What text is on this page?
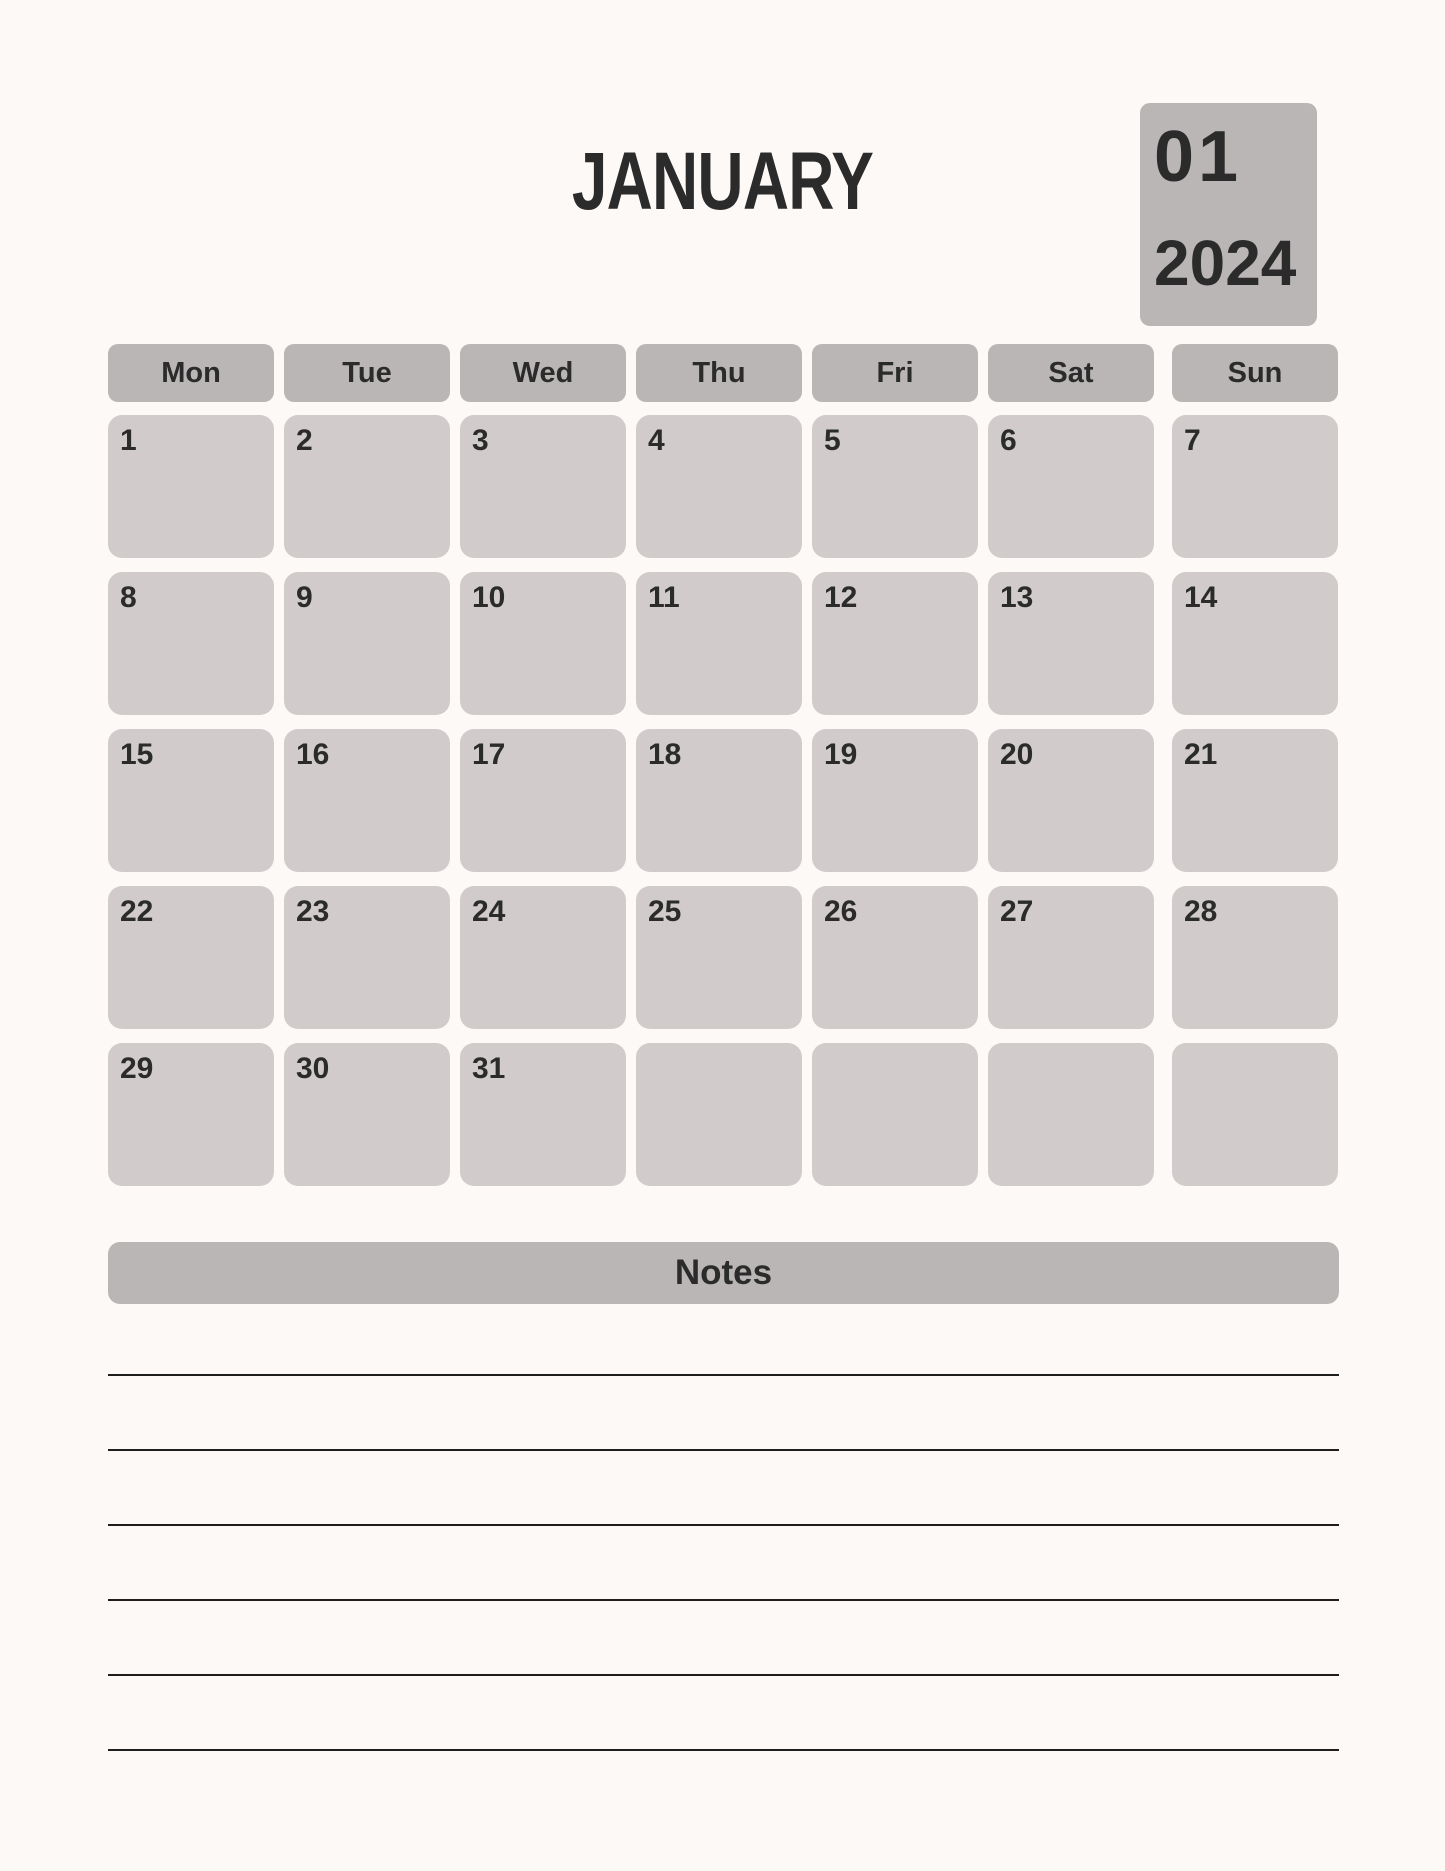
JANUARY	01
2024
Mon	Tue	Wed	Thu	Fri	Sat	Sun
1	2	3	4	5	6	7
8	9	10	11	12	13	14
15	16	17	18	19	20	21
22	23	24	25	26	27	28
29	30	31
Notes
